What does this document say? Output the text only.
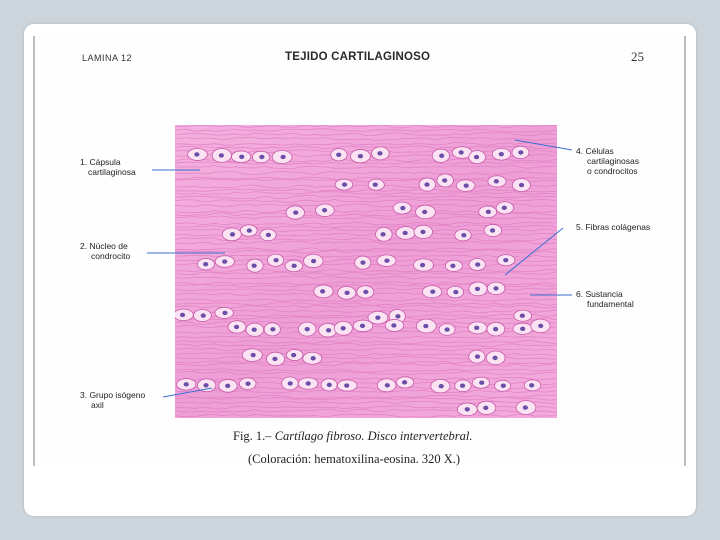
LAMINA 12	TEJIDO CARTILAGINOSO	25
1. Cápsula
cartilaginosa
2. Núcleo de
condrocito
3. Grupo isógeno
axil
4. Células
cartilaginosas
o condrocitos
5. Fibras colágenas
6. Sustancia
fundamental
Fig. 1.– Cartílago fibroso. Disco intervertebral.
(Coloración: hematoxilina-eosina. 320 X.)
